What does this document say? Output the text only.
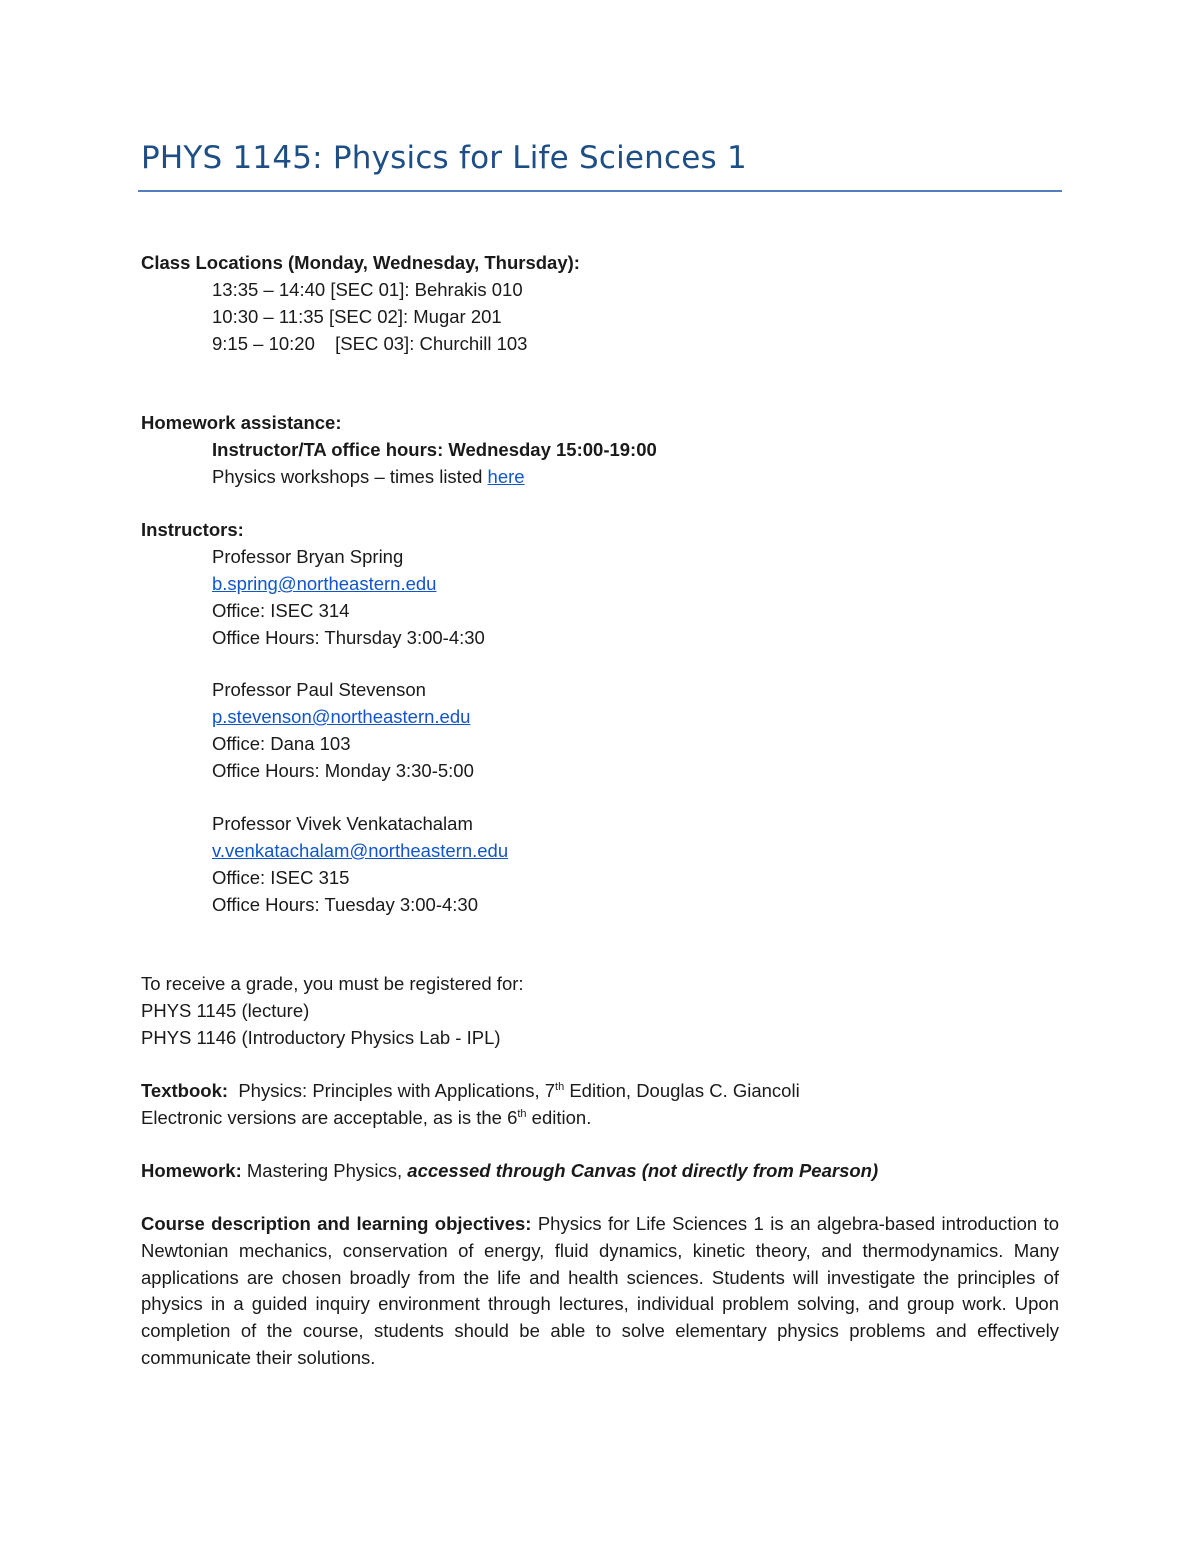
PHYS 1145: Physics for Life Sciences 1
Class Locations (Monday, Wednesday, Thursday):
13:35 – 14:40 [SEC 01]: Behrakis 010
10:30 – 11:35 [SEC 02]: Mugar 201
9:15 – 10:20 [SEC 03]: Churchill 103
Homework assistance:
Instructor/TA office hours: Wednesday 15:00-19:00
Physics workshops – times listed here
Instructors:
Professor Bryan Spring
b.spring@northeastern.edu
Office: ISEC 314
Office Hours: Thursday 3:00-4:30
Professor Paul Stevenson
p.stevenson@northeastern.edu
Office: Dana 103
Office Hours: Monday 3:30-5:00
Professor Vivek Venkatachalam
v.venkatachalam@northeastern.edu
Office: ISEC 315
Office Hours: Tuesday 3:00-4:30
To receive a grade, you must be registered for:
PHYS 1145 (lecture)
PHYS 1146 (Introductory Physics Lab - IPL)
Textbook: Physics: Principles with Applications, 7th Edition, Douglas C. Giancoli
Electronic versions are acceptable, as is the 6th edition.
Homework: Mastering Physics, accessed through Canvas (not directly from Pearson)
Course description and learning objectives: Physics for Life Sciences 1 is an algebra-based introduction to Newtonian mechanics, conservation of energy, fluid dynamics, kinetic theory, and thermodynamics. Many applications are chosen broadly from the life and health sciences. Students will investigate the principles of physics in a guided inquiry environment through lectures, individual problem solving, and group work. Upon completion of the course, students should be able to solve elementary physics problems and effectively communicate their solutions.
